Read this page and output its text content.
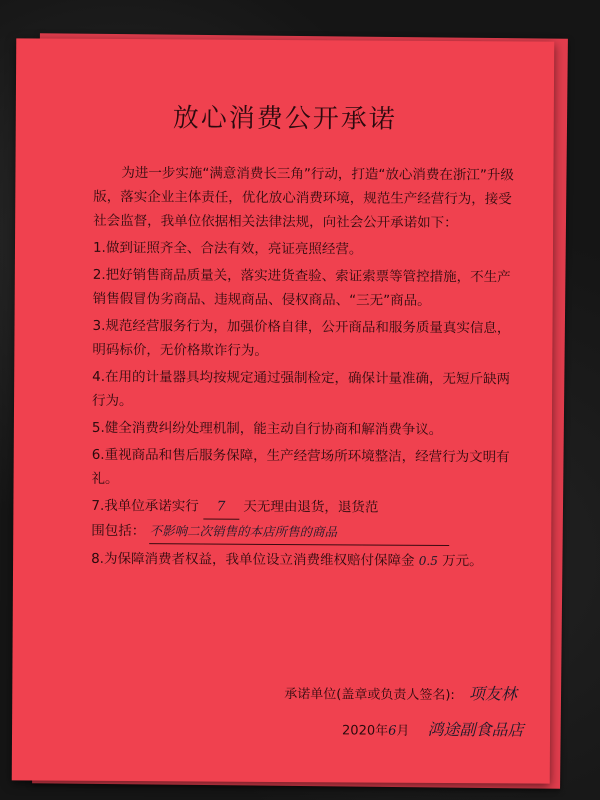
放心消费公开承诺

为进一步实施“满意消费长三角”行动，打造“放心消费在浙江”升级版，落实企业主体责任，优化放心消费环境，规范生产经营行为，接受社会监督，我单位依据相关法律法规，向社会公开承诺如下：

1.做到证照齐全、合法有效，亮证亮照经营。

2.把好销售商品质量关，落实进货查验、索证索票等管控措施，不生产销售假冒伪劣商品、违规商品、侵权商品、“三无”商品。

3.规范经营服务行为，加强价格自律，公开商品和服务质量真实信息，明码标价，无价格欺诈行为。

4.在用的计量器具均按规定通过强制检定，确保计量准确，无短斤缺两行为。

5.健全消费纠纷处理机制，能主动自行协商和解消费争议。

6.重视商品和售后服务保障，生产经营场所环境整洁，经营行为文明有礼。

7.我单位承诺实行 7 天无理由退货，退货范
围包括： 不影响二次销售的本店所售的商品

8.为保障消费者权益，我单位设立消费维权赔付保障金 0.5 万元。

承诺单位(盖章或负责人签名): 项友林
2020年6月 鸿途副食品店
